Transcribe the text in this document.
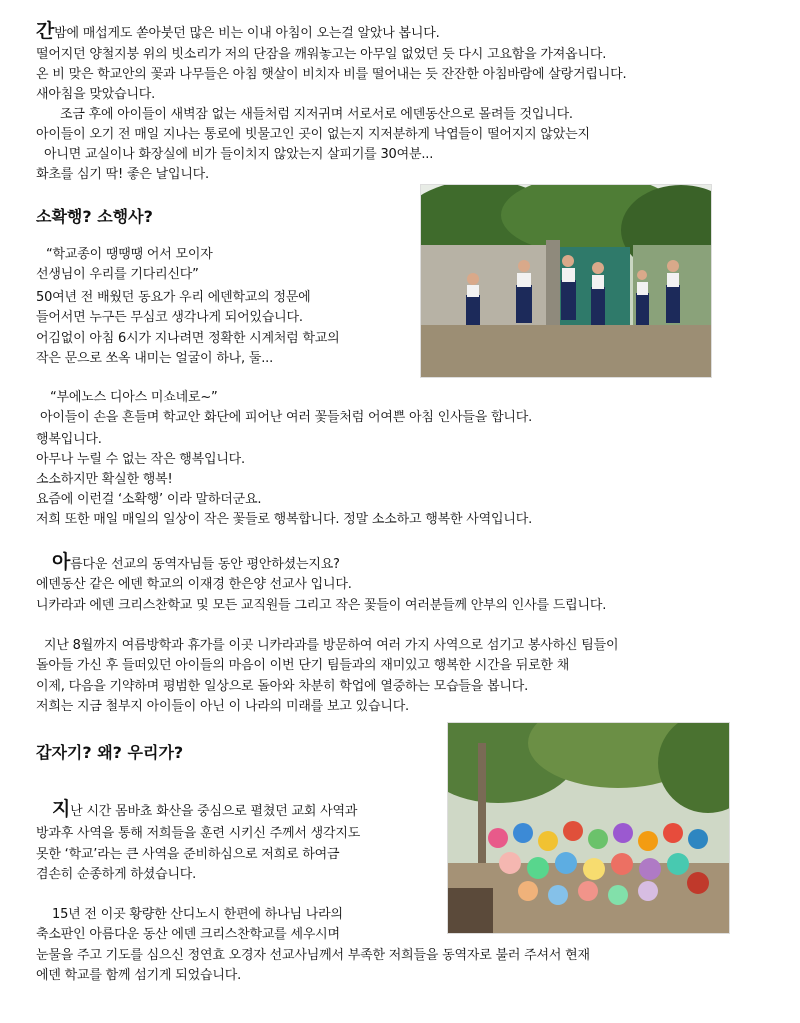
간밤에 매섭게도 쏟아붓던 많은 비는 이내 아침이 오는걸 알았나 봅니다.
떨어지던 양철지붕 위의 빗소리가 저의 단잠을 깨워놓고는 아무일 없었던 듯 다시 고요함을 가져옵니다.
온 비 맞은 학교안의 꽃과 나무들은 아침 햇살이 비치자 비를 떨어내는 듯 잔잔한 아침바람에 살랑거립니다.
새아침을 맞았습니다.
조금 후에 아이들이 새벽잠 없는 새들처럼 지저귀며 서로서로 에덴동산으로 몰려들 것입니다.
아이들이 오기 전 매일 지나는 통로에 빗물고인 곳이 없는지 지저분하게 낙엽들이 떨어지지 않았는지
아니면 교실이나 화장실에 비가 들이치지 않았는지 살피기를 30여분...
화초를 심기 딱! 좋은 날입니다.
소확행? 소행사?
“학교종이 땡땡땡 어서 모이자
선생님이 우리를 기다리신다”
50여년 전 배웠던 동요가 우리 에덴학교의 정문에
들어서면 누구든 무심코 생각나게 되어있습니다.
어김없이 아침 6시가 지나려면 정확한 시계처럼 학교의
작은 문으로 쏘옥 내미는 얼굴이 하나, 둘...
“부에노스 디아스 미쇼네로~”
아이들이 손을 흔들며 학교안 화단에 피어난 여러 꽃들처럼 어여쁜 아침 인사들을 합니다.
행복입니다.
아무나 누릴 수 없는 작은 행복입니다.
소소하지만 확실한 행복!
요즘에 이런걸 ‘소확행’ 이라 말하더군요.
저희 또한 매일 매일의 일상이 작은 꽃들로 행복합니다. 정말 소소하고 행복한 사역입니다.
아름다운 선교의 동역자님들 동안 평안하셨는지요?
에덴동산 같은 에덴 학교의 이재경 한은양 선교사 입니다.
니카라과 에덴 크리스찬학교 및 모든 교직원들 그리고 작은 꽃들이 여러분들께 안부의 인사를 드립니다.
지난 8월까지 여름방학과 휴가를 이곳 니카라과를 방문하여 여러 가지 사역으로 섬기고 봉사하신 팀들이
돌아들 가신 후 들떠있던 아이들의 마음이 이번 단기 팀들과의 재미있고 행복한 시간을 뒤로한 채
이제, 다음을 기약하며 평범한 일상으로 돌아와 차분히 학업에 열중하는 모습들을 봅니다.
저희는 지금 철부지 아이들이 아닌 이 나라의 미래를 보고 있습니다.
갑자기? 왜? 우리가?
지난 시간 몸바쵸 화산을 중심으로 펼쳤던 교회 사역과
방과후 사역을 통해 저희들을 훈련 시키신 주께서 생각지도
못한 ‘학교’라는 큰 사역을 준비하심으로 저희로 하여금
겸손히 순종하게 하셨습니다.
15년 전 이곳 황량한 산디노시 한편에 하나님 나라의
축소판인 아름다운 동산 에덴 크리스찬학교를 세우시며
눈물을 주고 기도를 심으신 정연효 오경자 선교사님께서 부족한 저희들을 동역자로 불러 주셔서 현재
에덴 학교를 함께 섬기게 되었습니다.
